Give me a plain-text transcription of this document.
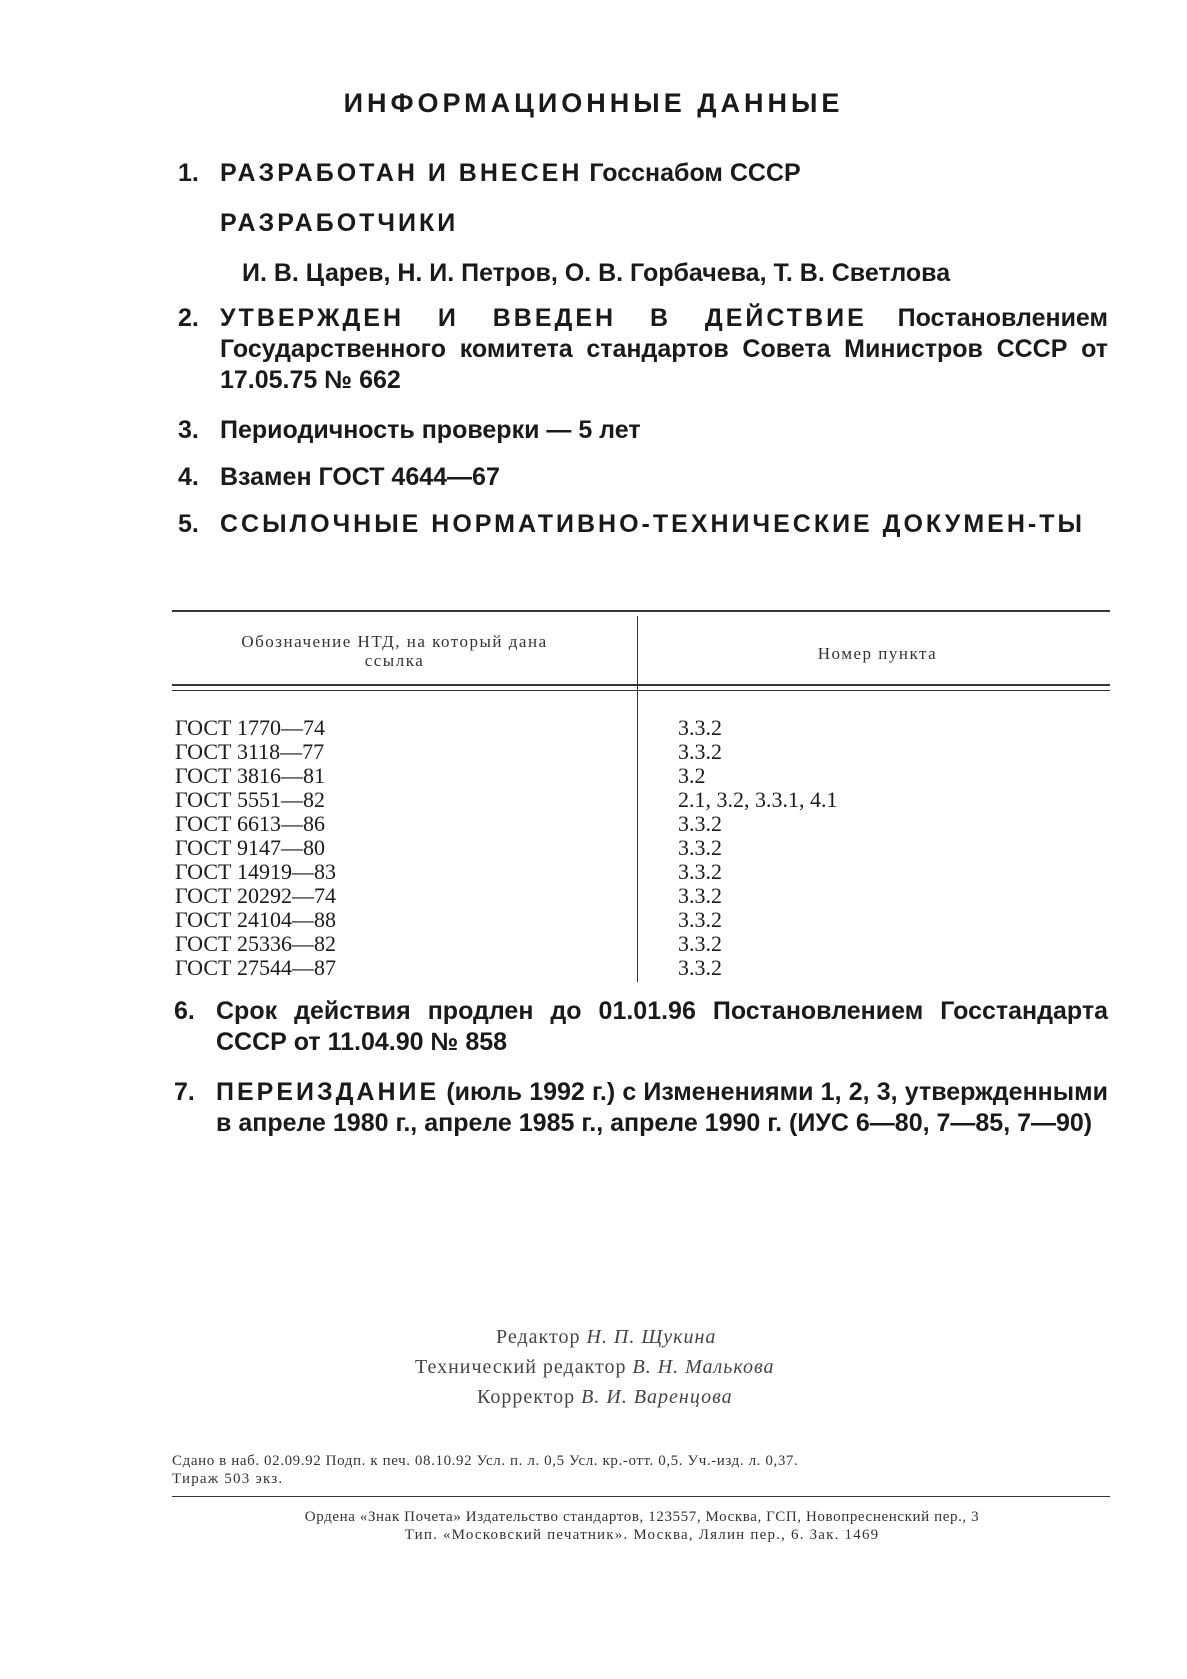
ИНФОРМАЦИОННЫЕ ДАННЫЕ
1. РАЗРАБОТАН И ВНЕСЕН Госснабом СССР
РАЗРАБОТЧИКИ
И. В. Царев, Н. И. Петров, О. В. Горбачева, Т. В. Светлова
2. УТВЕРЖДЕН И ВВЕДЕН В ДЕЙСТВИЕ Постановлением Государственного комитета стандартов Совета Министров СССР от 17.05.75 № 662
3. Периодичность проверки — 5 лет
4. Взамен ГОСТ 4644—67
5. ССЫЛОЧНЫЕ НОРМАТИВНО-ТЕХНИЧЕСКИЕ ДОКУМЕН-ТЫ
Обозначение НТД, на который дана ссылка	Номер пункта
ГОСТ 1770—74
ГОСТ 3118—77
ГОСТ 3816—81
ГОСТ 5551—82
ГОСТ 6613—86
ГОСТ 9147—80
ГОСТ 14919—83
ГОСТ 20292—74
ГОСТ 24104—88
ГОСТ 25336—82
ГОСТ 27544—87
3.3.2
3.3.2
3.2
2.1, 3.2, 3.3.1, 4.1
3.3.2
3.3.2
3.3.2
3.3.2
3.3.2
3.3.2
3.3.2
6. Срок действия продлен до 01.01.96 Постановлением Госстандарта СССР от 11.04.90 № 858
7. ПЕРЕИЗДАНИЕ (июль 1992 г.) с Изменениями 1, 2, 3, утвержденными в апреле 1980 г., апреле 1985 г., апреле 1990 г. (ИУС 6—80, 7—85, 7—90)
Редактор Н. П. Щукина
Технический редактор В. Н. Малькова
Корректор В. И. Варенцова
Сдано в наб. 02.09.92 Подп. к печ. 08.10.92 Усл. п. л. 0,5 Усл. кр.-отт. 0,5. Уч.-изд. л. 0,37.
Тираж 503 экз.
Ордена «Знак Почета» Издательство стандартов, 123557, Москва, ГСП, Новопресненский пер., 3
Тип. «Московский печатник». Москва, Лялин пер., 6. Зак. 1469
